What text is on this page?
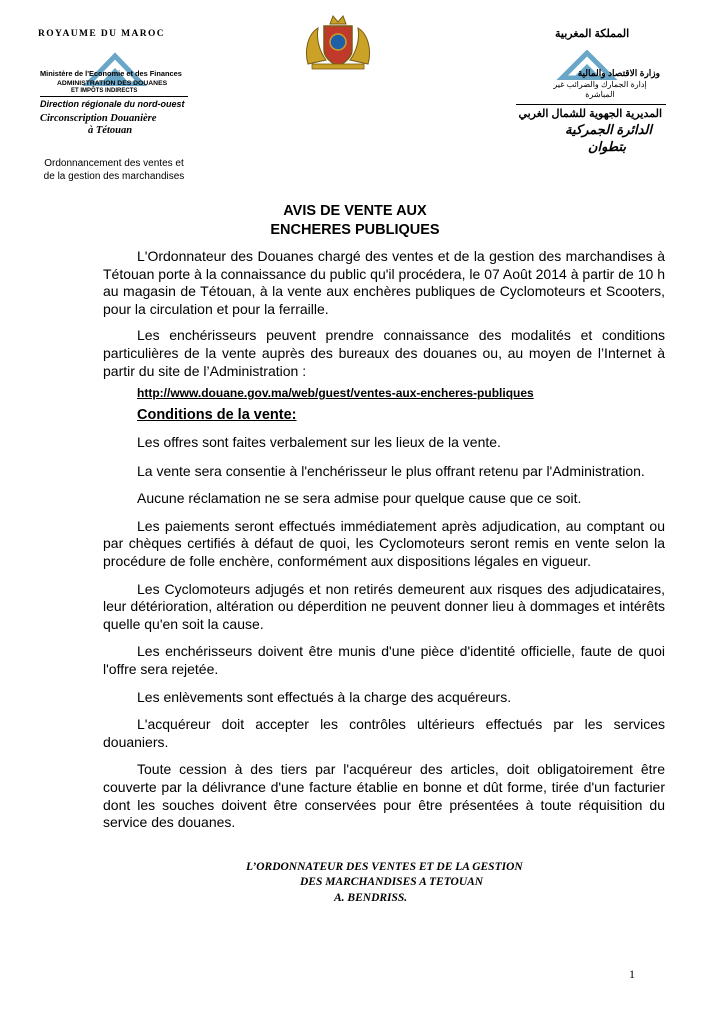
ROYAUME DU MAROC
Ministère de l'Economie et des Finances
ADMINISTRATION DES DOUANES
ET IMPÔTS INDIRECTS
Direction régionale du nord-ouest
Circonscription Douanière
à Tétouan
Ordonnancement des ventes et
de la gestion des marchandises
المملكة المغربية
وزارة الاقتصاد والمالية
إدارة الجمارك والضرائب غير المباشرة
المديرية الجهوية للشمال الغربي
الدائرة الجمركية
بتطوان
AVIS DE VENTE AUX
ENCHERES PUBLIQUES

L'Ordonnateur des Douanes chargé des ventes et de la gestion des marchandises à Tétouan porte à la connaissance du public qu'il procédera, le 07 Août 2014 à partir de 10 h au magasin de Tétouan, à la vente aux enchères publiques de Cyclomoteurs et Scooters, pour la circulation et pour la ferraille.

Les enchérisseurs peuvent prendre connaissance des modalités et conditions particulières de la vente auprès des bureaux des douanes ou, au moyen de l’Internet à partir du site de l’Administration :

http://www.douane.gov.ma/web/guest/ventes-aux-encheres-publiques
Conditions de la vente:

Les offres sont faites verbalement sur les lieux de la vente.

La vente sera consentie à l'enchérisseur le plus offrant retenu par l'Administration.

Aucune réclamation ne se sera admise pour quelque cause que ce soit.

Les paiements seront effectués immédiatement après adjudication, au comptant ou par chèques certifiés à défaut de quoi, les Cyclomoteurs seront remis en vente selon la procédure de folle enchère, conformément aux dispositions légales en vigueur.

Les Cyclomoteurs adjugés et non retirés demeurent aux risques des adjudicataires, leur détérioration, altération ou déperdition ne peuvent donner lieu à dommages et intérêts quelle qu'en soit la cause.

Les enchérisseurs doivent être munis d'une pièce d'identité officielle, faute de quoi l'offre sera rejetée.

Les enlèvements sont effectués à la charge des acquéreurs.

L'acquéreur doit accepter les contrôles ultérieurs effectués par les services douaniers.

Toute cession à des tiers par l'acquéreur des articles, doit obligatoirement être couverte par la délivrance d'une facture établie en bonne et dût forme, tirée d'un facturier dont les souches doivent être conservées pour être présentées à toute réquisition du service des douanes.

L’ORDONNATEUR DES VENTES ET DE LA GESTION
DES MARCHANDISES A TETOUAN
A. BENDRISS.
1
